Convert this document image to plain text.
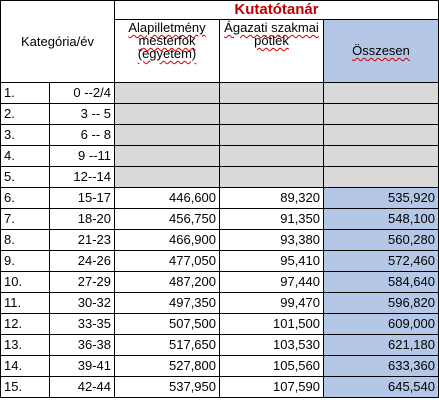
Kategória/év		Kutatótanár		
		Alapilletmény mesterfok (egyetem)	Ágazati szakmai pótlék	Összesen
1.	0 --2/4			
2.	3 -- 5			
3.	6 -- 8			
4.	9 --11			
5.	12--14			
6.	15-17	446,600	89,320	535,920
7.	18-20	456,750	91,350	548,100
8.	21-23	466,900	93,380	560,280
9.	24-26	477,050	95,410	572,460
10.	27-29	487,200	97,440	584,640
11.	30-32	497,350	99,470	596,820
12.	33-35	507,500	101,500	609,000
13.	36-38	517,650	103,530	621,180
14.	39-41	527,800	105,560	633,360
15.	42-44	537,950	107,590	645,540
